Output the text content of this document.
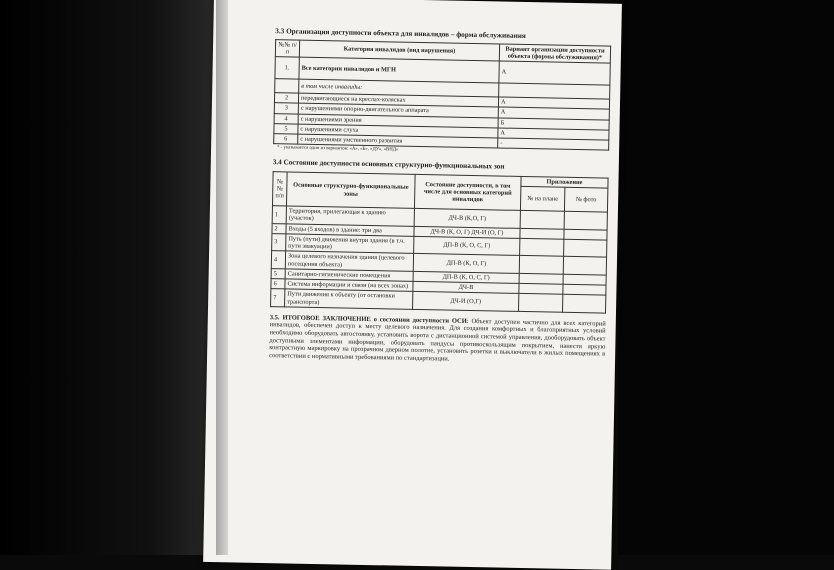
3.3 Организация доступности объекта для инвалидов – форма обслуживания
№№ п/п	Категория инвалидов (вид нарушения)	Вариант организации доступности объекта (формы обслуживания)*
1.	Все категории инвалидов и МГН	А
	в том числе инвалиды:	
2	передвигающиеся на креслах-колясках	А
3	с нарушениями опорно-двигательного аппарата	А
4	с нарушениями зрения	Б
5	с нарушениями слуха	А
6	с нарушениями умственного развития	-
* - указывается один из вариантов: «А», «Б», «ДУ», «ВНД»
3.4 Состояние доступности основных структурно-функциональных зон
№ № п/п	Основные структурно-функциональные зоны	Состояние доступности, в том числе для основных категорий инвалидов	Приложение	
			№ на плане	№ фото
1	Территория, прилегающая к зданию (участок)	ДЧ-В (К,О, Г)		
2	Входы (5 входов) в здание: три два	ДЧ-В (К, О, Г) ДЧ-И (О, Г)		
3	Путь (пути) движения внутри здания (в т.ч. пути эвакуации)	ДП-В (К, О, С, Г)		
4	Зона целевого назначения здания (целевого посещения объекта)	ДП-В (К, О, Г)		
5	Санитарно-гигиенические помещения	ДП-В (К, О, С, Г)		
6	Система информации и связи (на всех зонах)	ДЧ-В		
7	Пути движения к объекту (от остановки транспорта)	ДЧ-И (О,Г)		

3.5. ИТОГОВОЕ ЗАКЛЮЧЕНИЕ о состоянии доступности ОСИ: Объект доступен частично для всех категорий инвалидов, обеспечен доступ к месту целевого назначения. Для создания комфортных и благоприятных условий необходимо оборудовать автостоянку, установить ворота с дистанционной системой управления, дооборудовать объект доступными элементами информации, оборудовать пандусы противоскользящим покрытием, нанести яркую контрастную маркировку на прозрачном дверном полотне, установить розетки и выключатели в жилых помещениях в соответствии с нормативными требованиями по стандартизации.
